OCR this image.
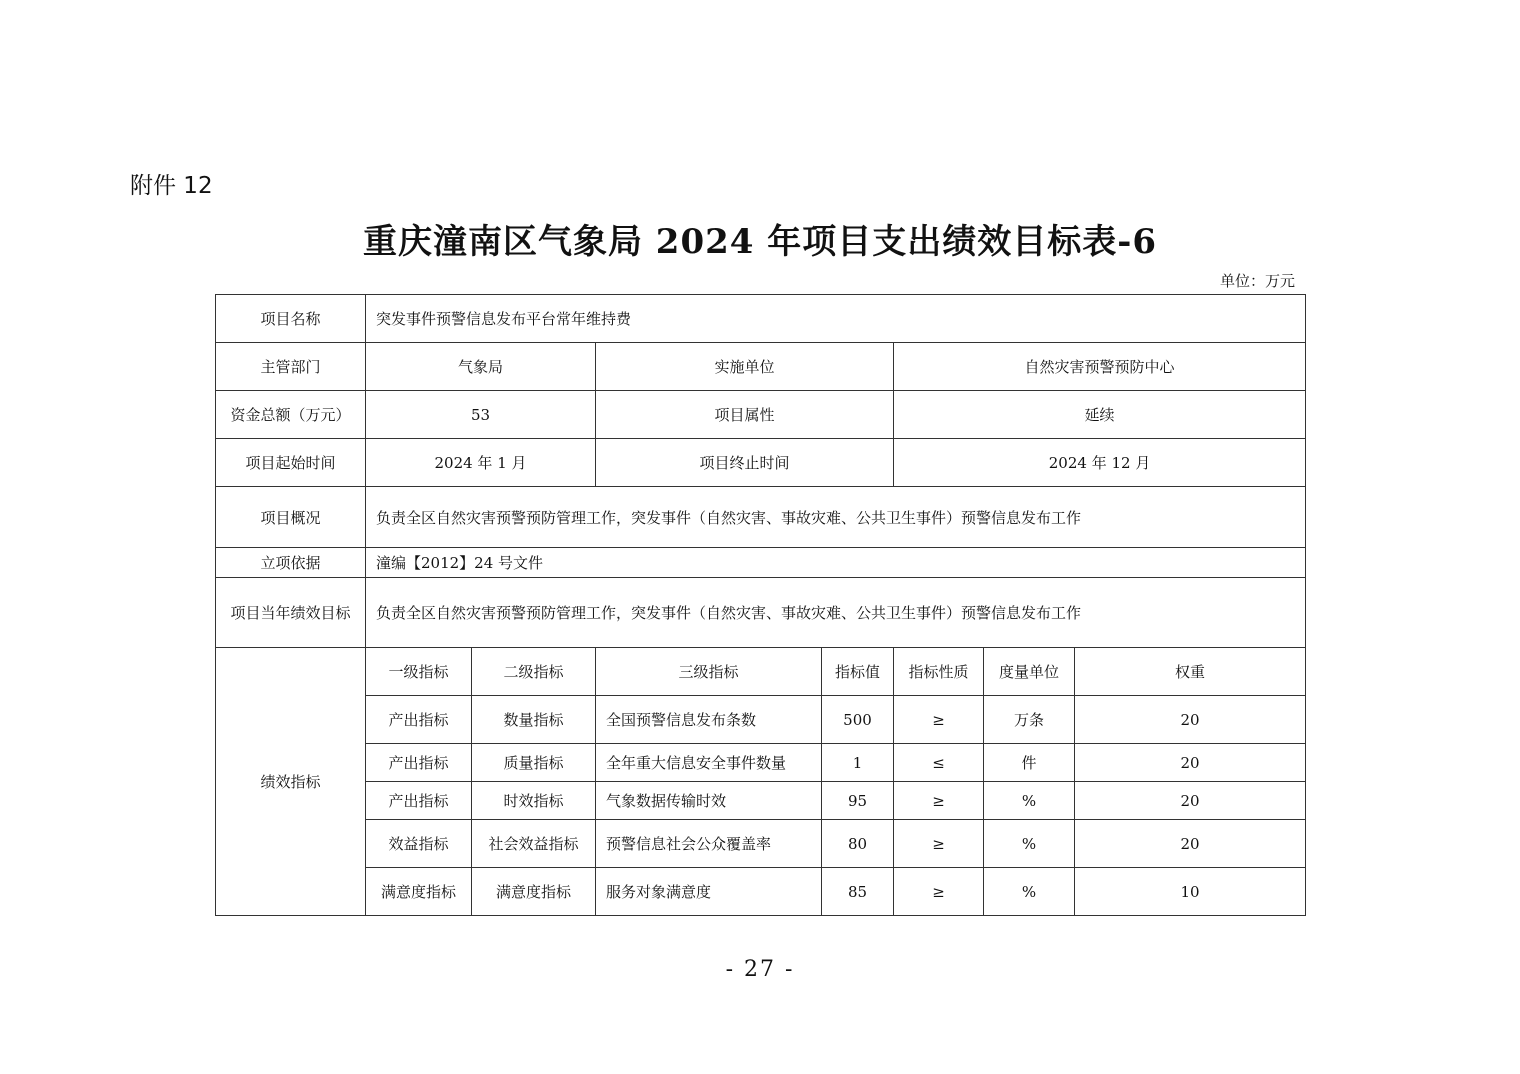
附件 12
重庆潼南区气象局 2024 年项目支出绩效目标表-6
单位：万元
项目名称	突发事件预警信息发布平台常年维持费						
主管部门	气象局		实施单位		自然灾害预警预防中心		
资金总额（万元）	53		项目属性		延续		
项目起始时间	2024 年 1 月		项目终止时间		2024 年 12 月		
项目概况	负责全区自然灾害预警预防管理工作，突发事件（自然灾害、事故灾难、公共卫生事件）预警信息发布工作						
立项依据	潼编【2012】24 号文件						
项目当年绩效目标	负责全区自然灾害预警预防管理工作，突发事件（自然灾害、事故灾难、公共卫生事件）预警信息发布工作						
绩效指标	一级指标	二级指标	三级指标	指标值	指标性质	度量单位	权重
	产出指标	数量指标	全国预警信息发布条数	500	≥	万条	20
	产出指标	质量指标	全年重大信息安全事件数量	1	≤	件	20
	产出指标	时效指标	气象数据传输时效	95	≥	%	20
	效益指标	社会效益指标	预警信息社会公众覆盖率	80	≥	%	20
	满意度指标	满意度指标	服务对象满意度	85	≥	%	10
- 27 -
